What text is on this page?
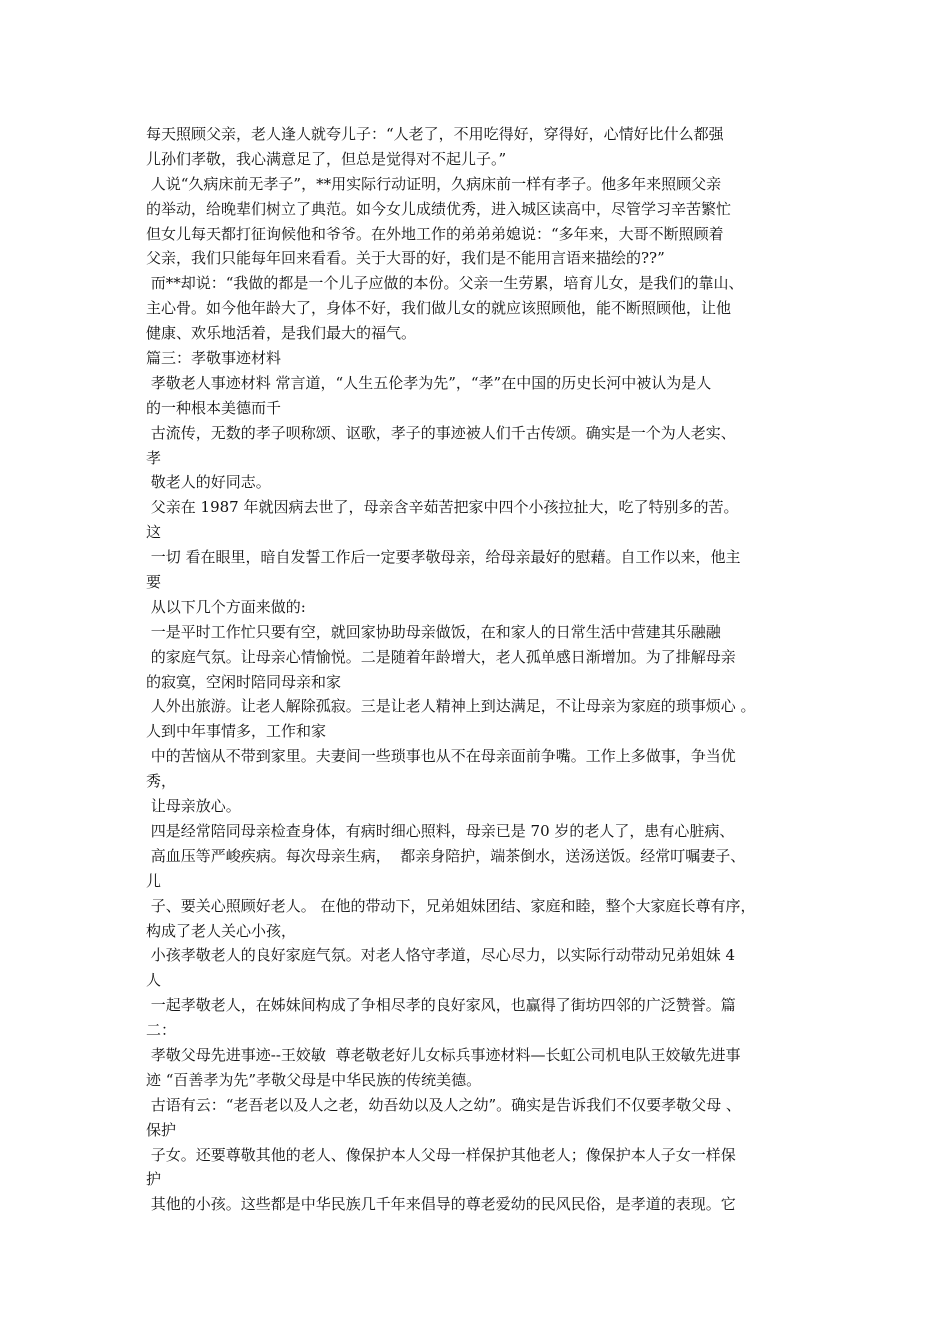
每天照顾父亲，老人逢人就夸儿子：“人老了，不用吃得好，穿得好，心情好比什么都强
儿孙们孝敬，我心满意足了，但总是觉得对不起儿子。”
人说“久病床前无孝子”，**用实际行动证明，久病床前一样有孝子。他多年来照顾父亲
的举动，给晚辈们树立了典范。如今女儿成绩优秀，进入城区读高中，尽管学习辛苦繁忙
但女儿每天都打征询候他和爷爷。在外地工作的弟弟弟媳说：“多年来，大哥不断照顾着
父亲，我们只能每年回来看看。关于大哥的好，我们是不能用言语来描绘的??”
而**却说：“我做的都是一个儿子应做的本份。父亲一生劳累，培育儿女，是我们的靠山、
主心骨。如今他年龄大了，身体不好，我们做儿女的就应该照顾他，能不断照顾他，让他
健康、欢乐地活着，是我们最大的福气。
篇三：孝敬事迹材料
孝敬老人事迹材料 常言道，“人生五伦孝为先”，“孝”在中国的历史长河中被认为是人
的一种根本美德而千
古流传，无数的孝子呗称颂、讴歌，孝子的事迹被人们千古传颂。确实是一个为人老实、
孝
敬老人的好同志。
父亲在 1987 年就因病去世了，母亲含辛茹苦把家中四个小孩拉扯大，吃了特别多的苦。
这
一切 看在眼里，暗自发誓工作后一定要孝敬母亲，给母亲最好的慰藉。自工作以来，他主
要
从以下几个方面来做的:
一是平时工作忙只要有空，就回家协助母亲做饭，在和家人的日常生活中营建其乐融融
的家庭气氛。让母亲心情愉悦。二是随着年龄增大，老人孤单感日渐增加。为了排解母亲
的寂寞，空闲时陪同母亲和家
人外出旅游。让老人解除孤寂。三是让老人精神上到达满足，不让母亲为家庭的琐事烦心 。
人到中年事情多，工作和家
中的苦恼从不带到家里。夫妻间一些琐事也从不在母亲面前争嘴。工作上多做事，争当优
秀，
让母亲放心。
四是经常陪同母亲检查身体，有病时细心照料，母亲已是 70 岁的老人了，患有心脏病、
高血压等严峻疾病。每次母亲生病，  都亲身陪护，端茶倒水，送汤送饭。经常叮嘱妻子、
儿
子、要关心照顾好老人。 在他的带动下，兄弟姐妹团结、家庭和睦，整个大家庭长尊有序，
构成了老人关心小孩，
小孩孝敬老人的良好家庭气氛。对老人恪守孝道，尽心尽力，以实际行动带动兄弟姐妹 4
人
一起孝敬老人，在姊妹间构成了争相尽孝的良好家风，也赢得了街坊四邻的广泛赞誉。篇
二：
孝敬父母先进事迹--王姣敏  尊老敬老好儿女标兵事迹材料—长虹公司机电队王姣敏先进事
迹 “百善孝为先”孝敬父母是中华民族的传统美德。
古语有云：“老吾老以及人之老，幼吾幼以及人之幼”。确实是告诉我们不仅要孝敬父母 、
保护
子女。还要尊敬其他的老人、像保护本人父母一样保护其他老人；像保护本人子女一样保
护
其他的小孩。这些都是中华民族几千年来倡导的尊老爱幼的民风民俗，是孝道的表现。它
